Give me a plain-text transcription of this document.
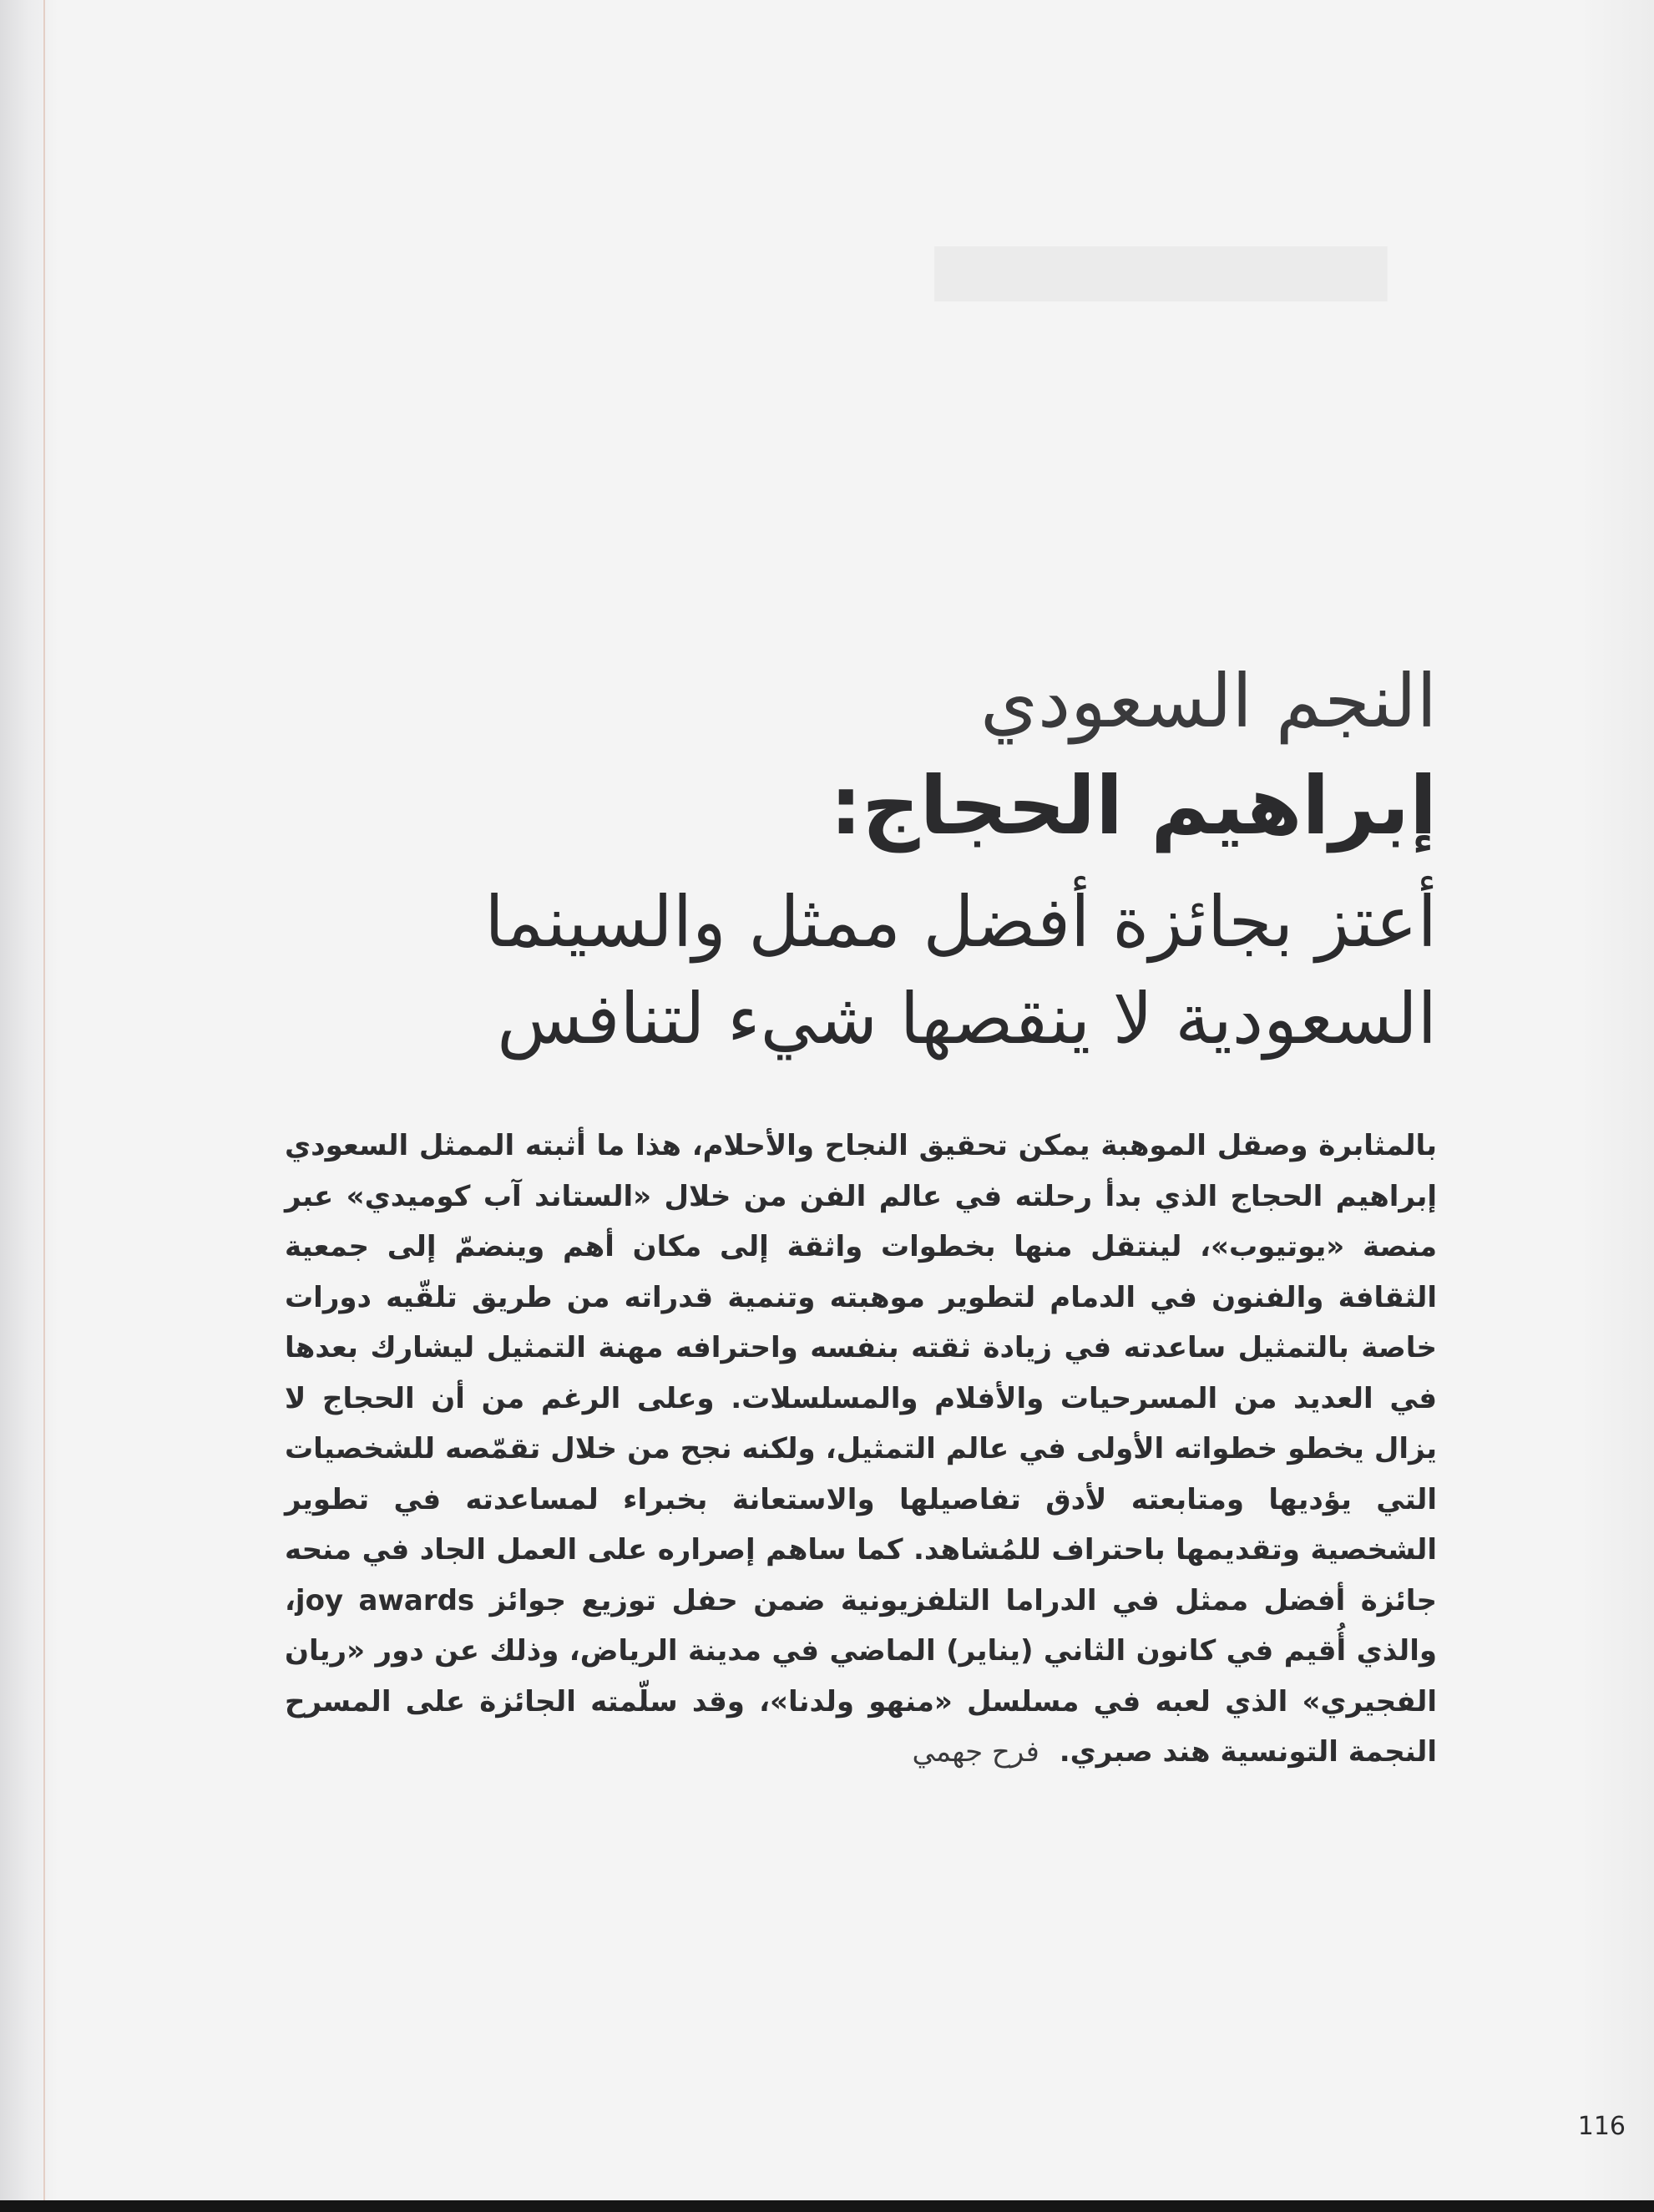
▇▇▇▇▇▇▇▇▇▇▇
النجم السعودي
إبراهيم الحجاج:
أعتز بجائزة أفضل ممثل والسينما
السعودية لا ينقصها شيء لتنافس

بالمثابرة وصقل الموهبة يمكن تحقيق النجاح والأحلام، هذا ما أثبته الممثل السعودي إبراهيم الحجاج الذي بدأ رحلته في عالم الفن من خلال «الستاند آب كوميدي» عبر منصة «يوتيوب»، لينتقل منها بخطوات واثقة إلى مكان أهم وينضمّ إلى جمعية الثقافة والفنون في الدمام لتطوير موهبته وتنمية قدراته من طريق تلقّيه دورات خاصة بالتمثيل ساعدته في زيادة ثقته بنفسه واحترافه مهنة التمثيل ليشارك بعدها في العديد من المسرحيات والأفلام والمسلسلات. وعلى الرغم من أن الحجاج لا يزال يخطو خطواته الأولى في عالم التمثيل، ولكنه نجح من خلال تقمّصه للشخصيات التي يؤديها ومتابعته لأدق تفاصيلها والاستعانة بخبراء لمساعدته في تطوير الشخصية وتقديمها باحتراف للمُشاهد. كما ساهم إصراره على العمل الجاد في منحه جائزة أفضل ممثل في الدراما التلفزيونية ضمن حفل توزيع جوائز joy awards، والذي أُقيم في كانون الثاني (يناير) الماضي في مدينة الرياض، وذلك عن دور «ريان الفجيري» الذي لعبه في مسلسل «منهو ولدنا»، وقد سلّمته الجائزة على المسرح النجمة التونسية هند صبري. فرح جهمي

116
